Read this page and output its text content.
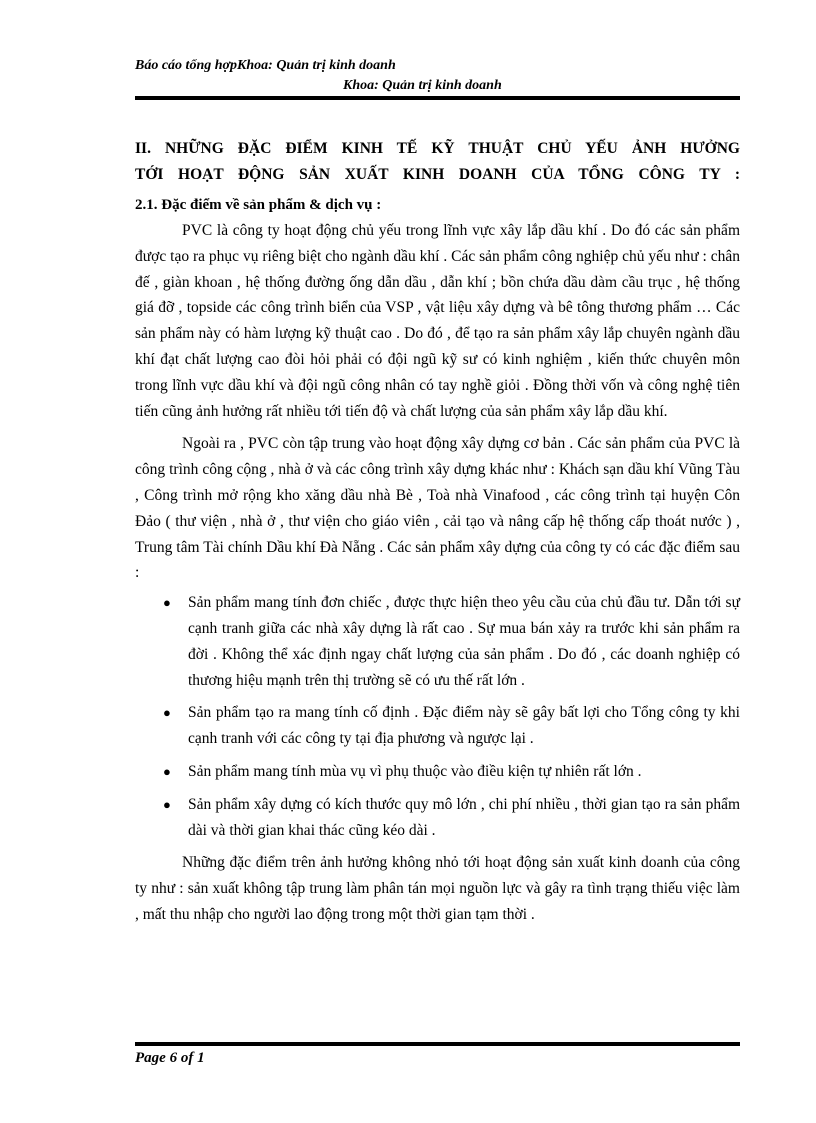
Báo cáo tổng hợpKhoa: Quản trị kinh doanh
Khoa: Quản trị kinh doanh
II. NHỮNG ĐẶC ĐIỂM KINH TẾ KỸ THUẬT CHỦ YẾU ẢNH HƯỞNG
TỚI HOẠT ĐỘNG SẢN XUẤT KINH DOANH CỦA TỔNG CÔNG TY :
2.1. Đặc điểm về sản phẩm & dịch vụ :

PVC là công ty hoạt động chủ yếu trong lĩnh vực xây lắp dầu khí . Do đó các sản phẩm được tạo ra phục vụ riêng biệt cho ngành dầu khí . Các sản phẩm công nghiệp chủ yếu như : chân đế , giàn khoan , hệ thống đường ống dẫn dầu , dẫn khí ; bồn chứa dầu dàm cầu trục , hệ thống giá đỡ , topside các công trình biển của VSP , vật liệu xây dựng và bê tông thương phẩm … Các sản phẩm này có hàm lượng kỹ thuật cao . Do đó , để tạo ra sản phẩm xây lắp chuyên ngành dầu khí đạt chất lượng cao đòi hỏi phải có đội ngũ kỹ sư có kinh nghiệm , kiến thức chuyên môn trong lĩnh vực dầu khí và đội ngũ công nhân có tay nghề giỏi . Đồng thời vốn và công nghệ tiên tiến cũng ảnh hưởng rất nhiều tới tiến độ và chất lượng của sản phẩm xây lắp dầu khí.

Ngoài ra , PVC còn tập trung vào hoạt động xây dựng cơ bản . Các sản phẩm của PVC là công trình công cộng , nhà ở và các công trình xây dựng khác như : Khách sạn dầu khí Vũng Tàu , Công trình mở rộng kho xăng dầu nhà Bè , Toà nhà Vinafood , các công trình tại huyện Côn Đảo ( thư viện , nhà ở , thư viện cho giáo viên , cải tạo và nâng cấp hệ thống cấp thoát nước ) , Trung tâm Tài chính Dầu khí Đà Nẵng . Các sản phẩm xây dựng của công ty có các đặc điểm sau :

● Sản phẩm mang tính đơn chiếc , được thực hiện theo yêu cầu của chủ đầu tư. Dẫn tới sự cạnh tranh giữa các nhà xây dựng là rất cao . Sự mua bán xảy ra trước khi sản phẩm ra đời . Không thể xác định ngay chất lượng của sản phẩm . Do đó , các doanh nghiệp có thương hiệu mạnh trên thị trường sẽ có ưu thế rất lớn .
● Sản phẩm tạo ra mang tính cố định . Đặc điểm này sẽ gây bất lợi cho Tổng công ty khi cạnh tranh với các công ty tại địa phương và ngược lại .
● Sản phẩm mang tính mùa vụ vì phụ thuộc vào điều kiện tự nhiên rất lớn .
● Sản phẩm xây dựng có kích thước quy mô lớn , chi phí nhiều , thời gian tạo ra sản phẩm dài và thời gian khai thác cũng kéo dài .

Những đặc điểm trên ảnh hưởng không nhỏ tới hoạt động sản xuất kinh doanh của công ty như : sản xuất không tập trung làm phân tán mọi nguồn lực và gây ra tình trạng thiếu việc làm , mất thu nhập cho người lao động trong một thời gian tạm thời .

Page 6 of 1
